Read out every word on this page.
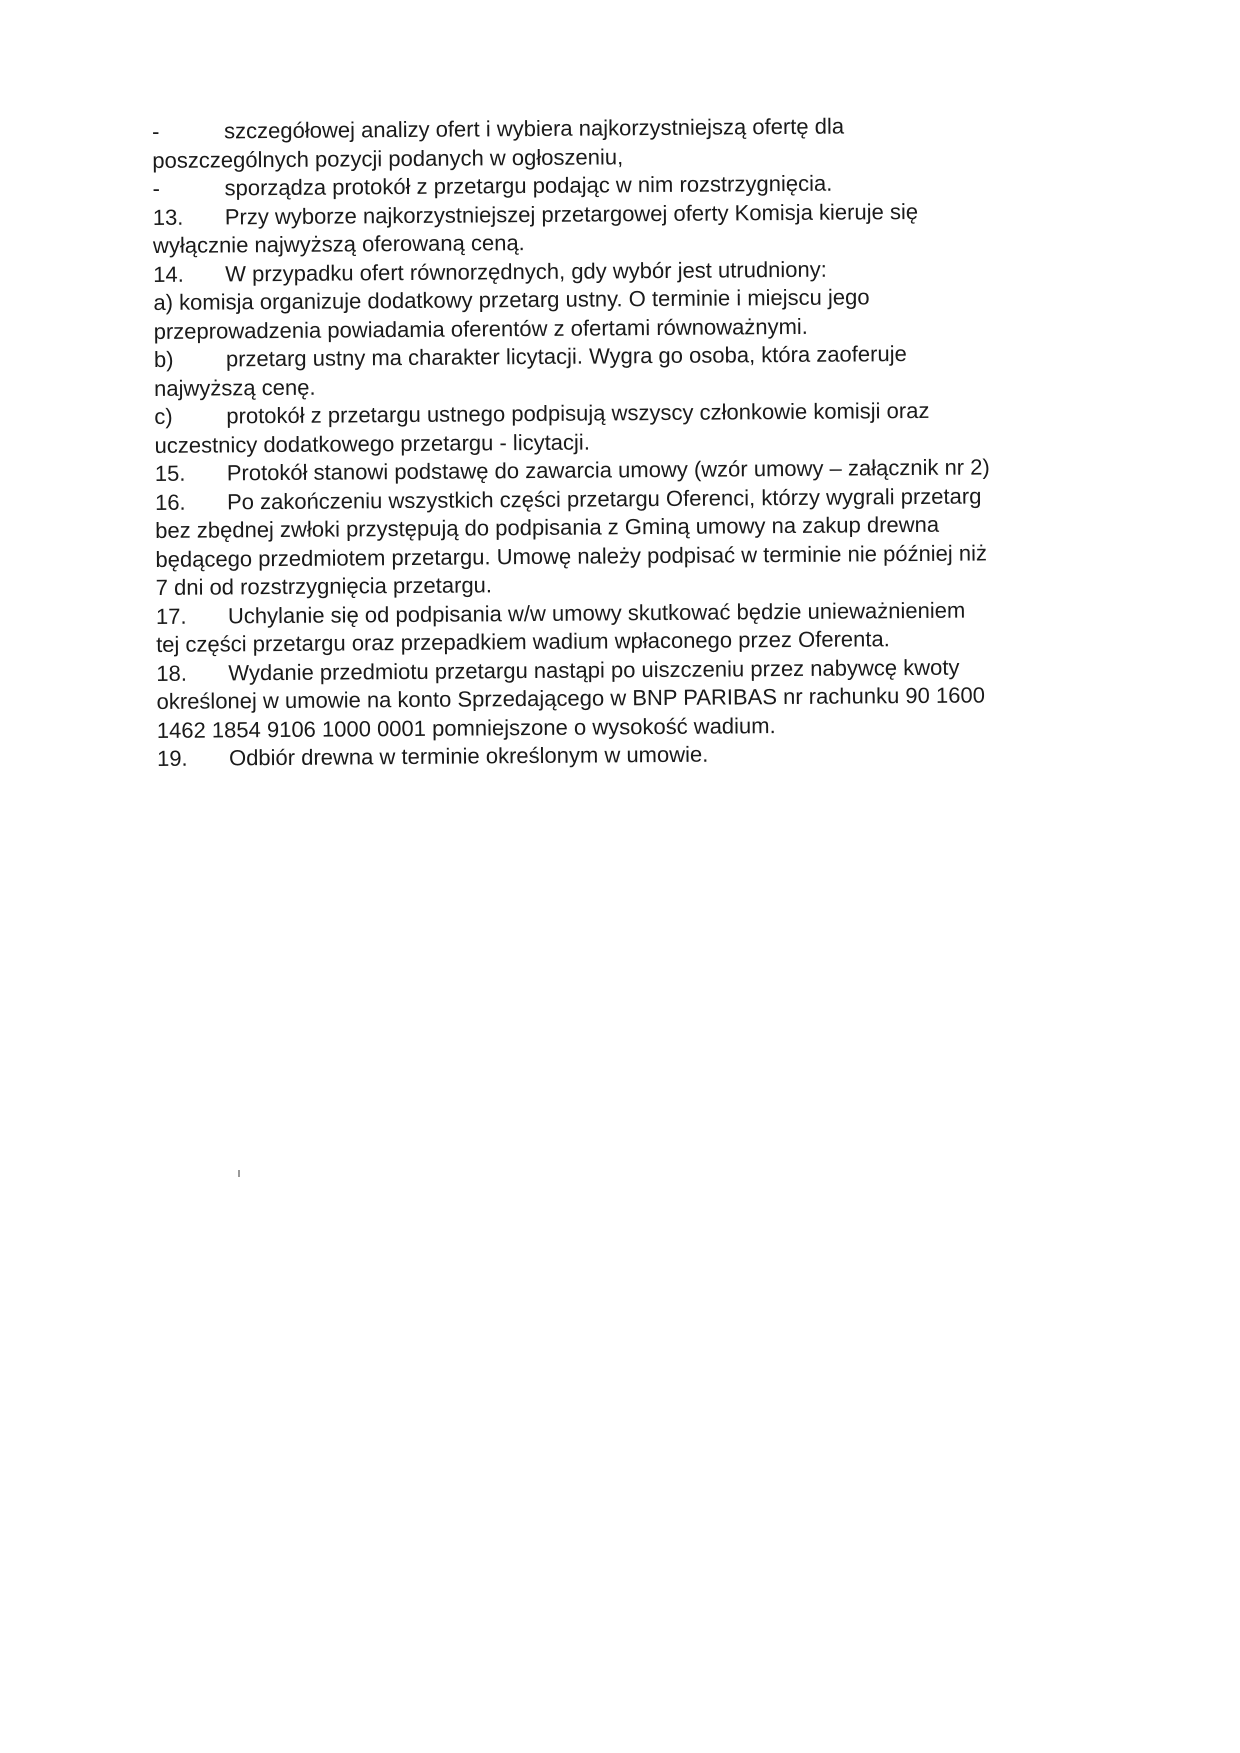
-	szczegółowej analizy ofert i wybiera najkorzystniejszą ofertę dla
poszczególnych pozycji podanych w ogłoszeniu,
-	sporządza protokół z przetargu podając w nim rozstrzygnięcia.
13. Przy wyborze najkorzystniejszej przetargowej oferty Komisja kieruje się
wyłącznie najwyższą oferowaną ceną.
14. W przypadku ofert równorzędnych, gdy wybór jest utrudniony:
a) komisja organizuje dodatkowy przetarg ustny. O terminie i miejscu jego
przeprowadzenia powiadamia oferentów z ofertami równoważnymi.
b) przetarg ustny ma charakter licytacji. Wygra go osoba, która zaoferuje
najwyższą cenę.
c) protokół z przetargu ustnego podpisują wszyscy członkowie komisji oraz
uczestnicy dodatkowego przetargu - licytacji.
15. Protokół stanowi podstawę do zawarcia umowy (wzór umowy – załącznik nr 2)
16. Po zakończeniu wszystkich części przetargu Oferenci, którzy wygrali przetarg
bez zbędnej zwłoki przystępują do podpisania z Gminą umowy na zakup drewna
będącego przedmiotem przetargu. Umowę należy podpisać w terminie nie później niż
7 dni od rozstrzygnięcia przetargu.
17. Uchylanie się od podpisania w/w umowy skutkować będzie unieważnieniem
tej części przetargu oraz przepadkiem wadium wpłaconego przez Oferenta.
18. Wydanie przedmiotu przetargu nastąpi po uiszczeniu przez nabywcę kwoty
określonej w umowie na konto Sprzedającego w BNP PARIBAS nr rachunku 90 1600
1462 1854 9106 1000 0001 pomniejszone o wysokość wadium.
19. Odbiór drewna w terminie określonym w umowie.
